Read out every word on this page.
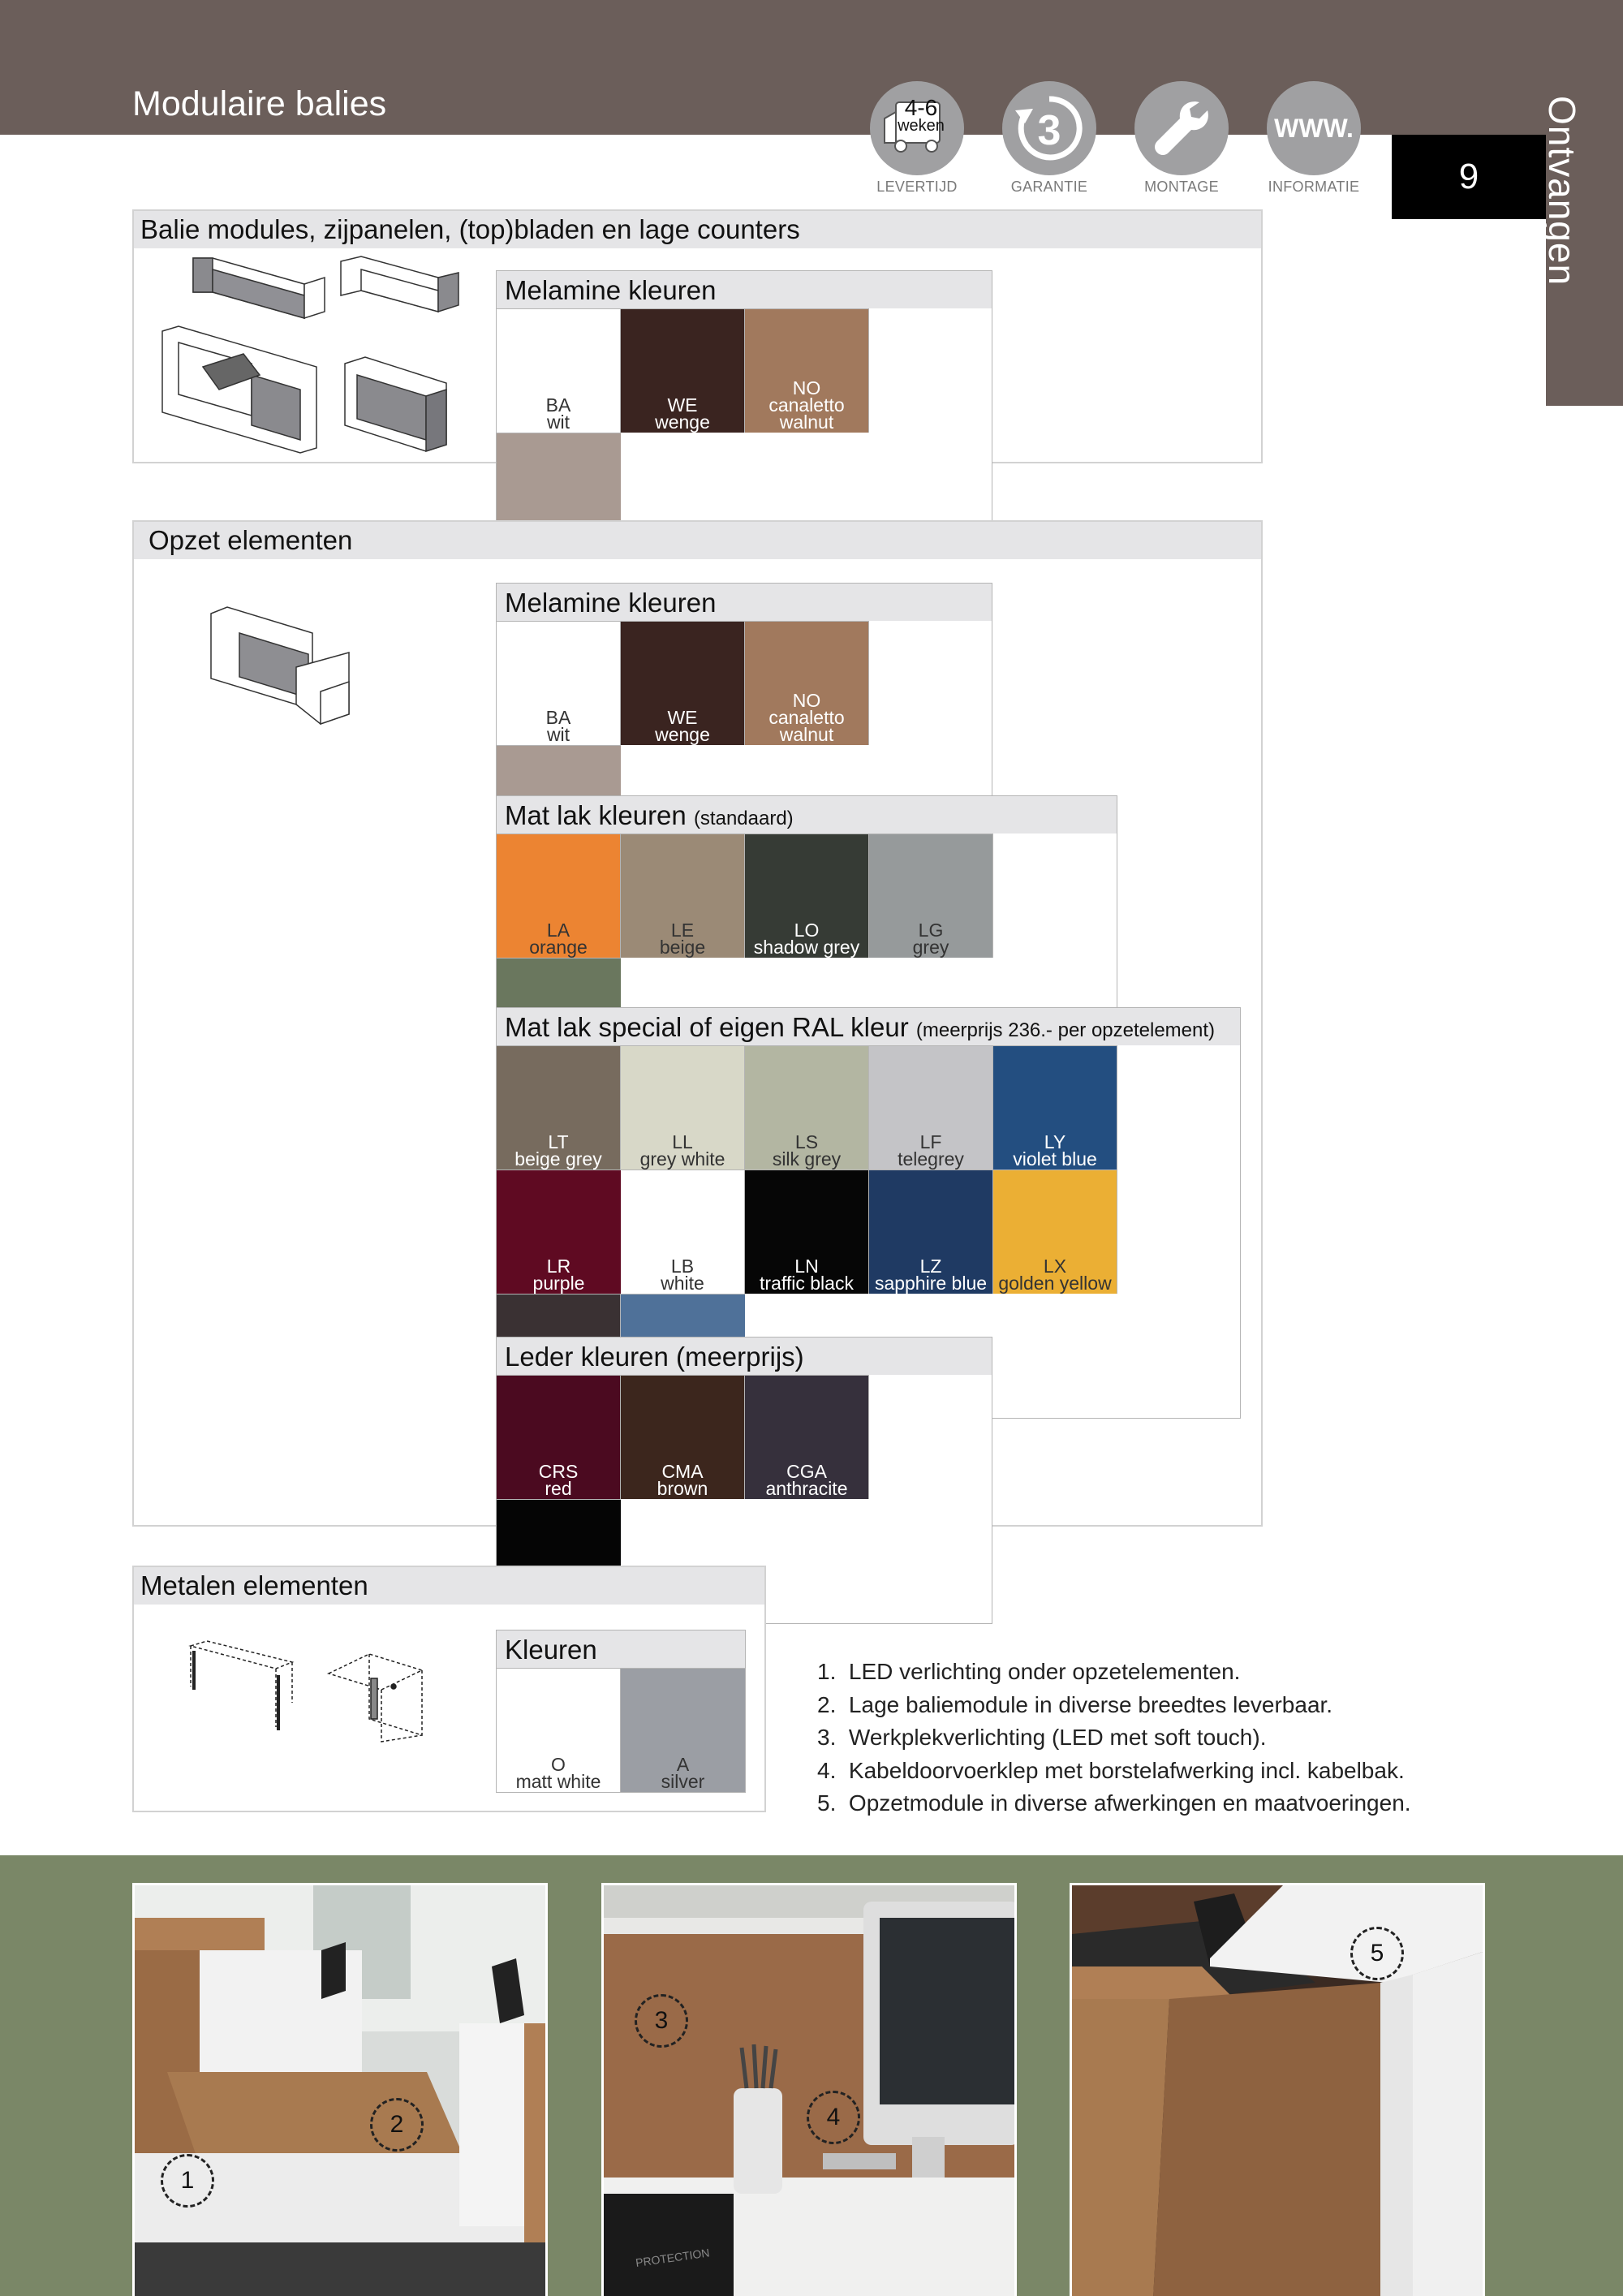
Modulaire balies	4-6
weken
LEVERTIJD
3
GARANTIE	MONTAGE
WWW.
INFORMATIE	9	Ontvangen
Balie modules, zijpanelen, (top)bladen en lage counters
Melamine kleuren
BA
wit
WE
wenge
NO
canaletto walnut
Opzet elementen
Melamine kleuren
BA
wit
WE
wenge
NO
canaletto walnut
Mat lak kleuren (standaard)
LA
orange
LE
beige
LO
shadow grey
LG
grey
Mat lak special of eigen RAL kleur (meerprijs 236.- per opzetelement)
LT
beige grey
LL
grey white
LS
silk grey
LF
telegrey
LY
violet blue
LR
purple
LB
white
LN
traffic black
LZ
sapphire blue
LX
golden yellow
Leder kleuren (meerprijs)
CRS
red
CMA
brown
CGA
anthracite
Metalen elementen
Kleuren
O
matt white
A
silver
1.  LED verlichting onder opzetelementen.
2.  Lage baliemodule in diverse breedtes leverbaar.
3.  Werkplekverlichting (LED met soft touch).
4.  Kabeldoorvoerklep met borstelafwerking incl. kabelbak.
5.  Opzetmodule in diverse afwerkingen en maatvoeringen.
1
2
PROTECTION
3
4
5
